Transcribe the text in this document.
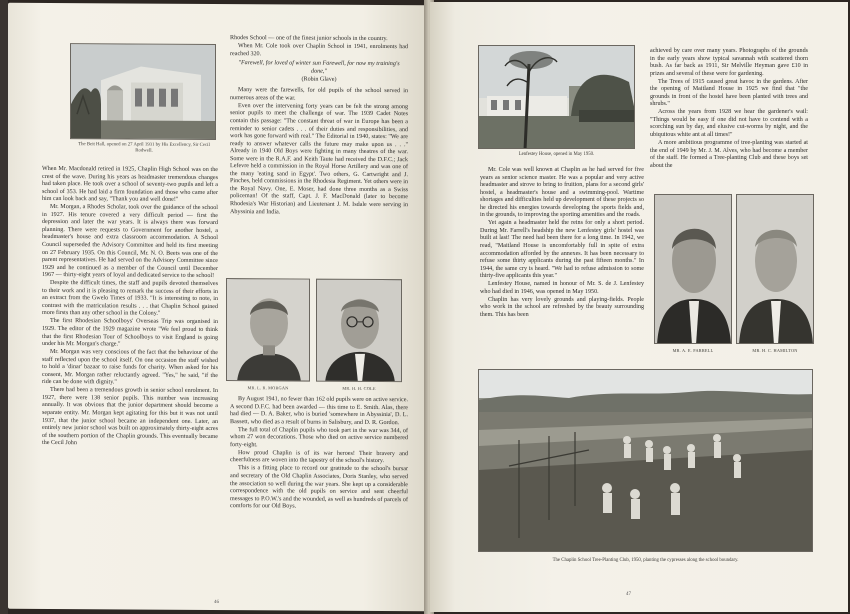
The Beit Hall, opened on 27 April 1931 by His Excellency, Sir Cecil Rodwell.

When Mr. Macdonald retired in 1925, Chaplin High School was on the crest of the wave. During his years as headmaster tremendous changes had taken place. He took over a school of seventy-two pupils and left a school of 353. He had laid a firm foundation and those who came after him can look back and say, "Thank you and well done!"

Mr. Morgan, a Rhodes Scholar, took over the guidance of the school in 1927. His tenure covered a very difficult period — first the depression and later the war years. It is always there was forward planning. There were requests to Government for another hostel, a headmaster's house and extra classroom accommodation. A School Council superseded the Advisory Committee and held its first meeting on 27 February 1935. On this Council, Mr. N. O. Beets was one of the parent representatives. He had served on the Advisory Committee since 1929 and he continued as a member of the Council until December 1967 — thirty-eight years of loyal and dedicated service to the school!

Despite the difficult times, the staff and pupils devoted themselves to their work and it is pleasing to remark the success of their efforts in an extract from the Gwelo Times of 1933. "It is interesting to note, in contrast with the matriculation results . . . that Chaplin School gained more firsts than any other school in the Colony."

The first Rhodesian Schoolboys' Overseas Trip was organised in 1929. The editor of the 1929 magazine wrote "We feel proud to think that the first Rhodesian Tour of Schoolboys to visit England is going under his Mr. Morgan's charge."

Mr. Morgan was very conscious of the fact that the behaviour of the staff reflected upon the school itself. On one occasion the staff wished to hold a 'dinar' bazaar to raise funds for charity. When asked for his consent, Mr. Morgan rather reluctantly agreed. "Yes," he said, "if the ride can be done with dignity."

There had been a tremendous growth in senior school enrolment. In 1927, there were 138 senior pupils. This number was increasing annually. It was obvious that the junior department should become a separate entity. Mr. Morgan kept agitating for this but it was not until 1937, that the junior school became an independent one. Later, an entirely new junior school was built on approximately thirty-eight acres of the southern portion of the Chaplin grounds. This eventually became the Cecil John

Rhodes School — one of the finest junior schools in the country.

When Mr. Cole took over Chaplin School in 1941, enrolments had reached 320.

"Farewell, for loved of winter sun Farewell, for now my training's done,"

(Robin Glave)

Many were the farewells, for old pupils of the school served in numerous areas of the war.

Even over the intervening forty years can be felt the strong among senior pupils to meet the challenge of war. The 1939 Cadet Notes contain this passage: "The constant threat of war in Europe has been a reminder to senior cadets . . . of their duties and responsibilities, and work has gone forward with real." The Editorial in 1940, states: "We are ready to answer whatever calls the future may make upon us . . ." Already in 1940 Old Boys were fighting in many theatres of the war. Some were in the R.A.F. and Keith Taute had received the D.F.C.; Jack Lefevre held a commission in the Royal Horse Artillery and was one of the many 'eating sand in Egypt'. Two others, G. Cartwright and J. Pinches, held commissions in the Rhodesia Regiment. Yet others were in the Royal Navy. One, E. Moser, had done three months as a Swiss policeman! Of the staff, Capt. J. F. MacDonald (later to become Rhodesia's War Historian) and Lieutenant J. M. Isdale were serving in Abyssinia and India.

MR. L. R. MORGAN	MR. H. H. COLE

By August 1941, no fewer than 162 old pupils were on active service. A second D.F.C. had been awarded — this time to E. Smith. Alas, there had died — D. A. Baker, who is buried 'somewhere in Abyssinia', D. L. Bassett, who died as a result of burns in Salisbury, and D. R. Gordon.

The full total of Chaplin pupils who took part in the war was 344, of whom 27 won decorations. Those who died on active service numbered forty-eight.

How proud Chaplin is of its war heroes! Their bravery and cheerfulness are woven into the tapestry of the school's history.

This is a fitting place to record our gratitude to the school's bursar and secretary of the Old Chaplin Associates, Doris Stanley, who served the association so well during the war years. She kept up a considerable correspondence with the old pupils on service and sent cheerful messages to P.O.W.'s and the wounded, as well as hundreds of parcels of comforts for our Old Boys.

46
Lenfestey House, opened in May 1950.

Mr. Cole was well known at Chaplin as he had served for five years as senior science master. He was a popular and very active headmaster and strove to bring to fruition, plans for a second girls' hostel, a headmaster's house and a swimming-pool. Wartime shortages and difficulties held up development of these projects so he directed his energies towards developing the sports fields and, in the grounds, to improving the sporting amenities and the roads.

Yet again a headmaster held the reins for only a short period. During Mr. Farrell's headship the new Lenfestey girls' hostel was built at last! The need had been there for a long time. In 1942, we read, "Maitland House is uncomfortably full in spite of extra accommodation afforded by the annexes. It has been necessary to refuse some thirty applicants during the past fifteen months." In 1944, the same cry is heard. "We had to refuse admission to some thirty-five applicants this year."

Lenfestey House, named in honour of Mr. S. de J. Lenfestey who had died in 1946, was opened in May 1950.

Chaplin has very lovely grounds and playing-fields. People who work in the school are refreshed by the beauty surrounding them. This has been

achieved by care over many years. Photographs of the grounds in the early years show typical savannah with scattered thorn bush. As far back as 1911, Sir Melville Heyman gave £10 in prizes and several of these were for gardening.

The Trees of 1915 caused great havoc in the gardens. After the opening of Maitland House in 1925 we find that "the grounds in front of the hostel have been planted with trees and shrubs."

Across the years from 1928 we hear the gardener's wail: "Things would be easy if one did not have to contend with a scorching sun by day, and elusive cut-worms by night, and the ubiquitous white ant at all times!"

A more ambitious programme of tree-planting was started at the end of 1949 by Mr. J. M. Alves, who had become a member of the staff. He formed a Tree-planting Club and these boys set about the

MR. A. E. FARRELL	MR. H. C. HAMILTON
The Chaplin School Tree-Planting Club, 1950, planting the cypresses along the school boundary.
47
